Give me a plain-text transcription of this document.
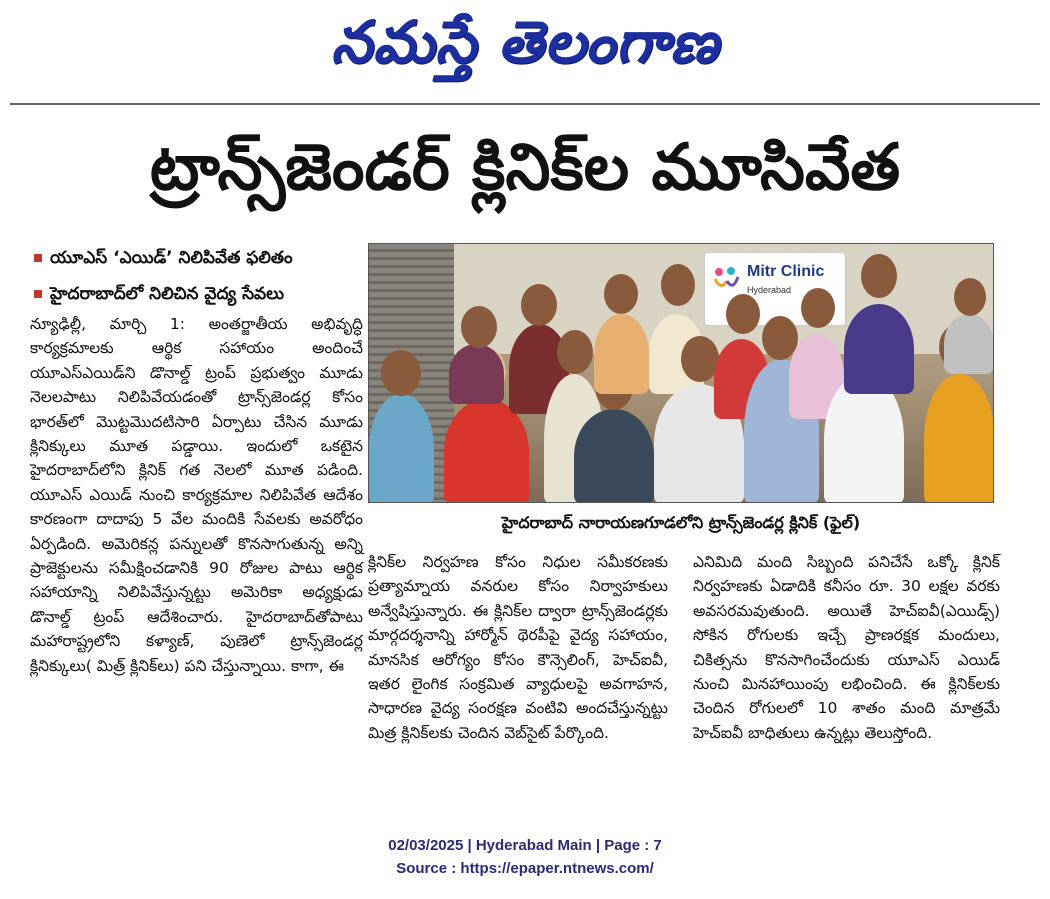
నమస్తే తెలంగాణ
ట్రాన్స్‌జెండర్ క్లినిక్‌ల మూసివేత
యూఎస్ ‘ఎయిడ్’ నిలిపివేత ఫలితం
హైదరాబాద్‌లో నిలిచిన వైద్య సేవలు

న్యూఢిల్లీ, మార్చి 1: అంతర్జాతీయ అభివృద్ధి కార్యక్రమాలకు ఆర్థిక సహాయం అందించే యూఎస్‌ఎయిడ్‌ని డొనాల్డ్ ట్రంప్ ప్రభుత్వం మూడు నెలలపాటు నిలిపివేయడంతో ట్రాన్స్‌జెండర్ల కోసం భారత్‌లో మొట్టమొదటిసారి ఏర్పాటు చేసిన మూడు క్లినిక్కులు మూత పడ్డాయి. ఇందులో ఒకటైన హైదరాబాద్‌లోని క్లినిక్ గత నెలలో మూత పడింది. యూఎస్ ఎయిడ్ నుంచి కార్యక్రమాల నిలిపివేత ఆదేశం కారణంగా దాదాపు 5 వేల మందికి సేవలకు అవరోధం ఏర్పడింది. అమెరికన్ల పన్నులతో కొనసాగుతున్న అన్ని ప్రాజెక్టులను సమీక్షించడానికి 90 రోజుల పాటు ఆర్థిక సహాయాన్ని నిలిపివేస్తున్నట్టు అమెరికా అధ్యక్షుడు డొనాల్డ్ ట్రంప్ ఆదేశించారు. హైదరాబాద్‌తోపాటు మహారాష్ట్రలోని కళ్యాణ్, పుణెలో ట్రాన్స్‌జెండర్ల క్లినిక్కులు( మిత్ర్ క్లినిక్‌లు) పని చేస్తున్నాయి. కాగా, ఈ

Mitr Clinic
Hyderabad
హైదరాబాద్ నారాయణగూడలోని ట్రాన్స్‌జెండర్ల క్లినిక్ (ఫైల్)

క్లినిక్‌ల నిర్వహణ కోసం నిధుల సమీకరణకు ప్రత్యామ్నాయ వనరుల కోసం నిర్వాహకులు అన్వేషిస్తున్నారు. ఈ క్లినిక్‌ల ద్వారా ట్రాన్స్‌జెండర్లకు మార్గదర్శనాన్ని హార్మోన్ థెరపీపై వైద్య సహాయం, మానసిక ఆరోగ్యం కోసం కౌన్సెలింగ్, హెచ్‌ఐవీ, ఇతర లైంగిక సంక్రమిత వ్యాధులపై అవగాహన, సాధారణ వైద్య సంరక్షణ వంటివి అందచేస్తున్నట్టు మిత్ర క్లినిక్‌లకు చెందిన వెబ్‌సైట్ పేర్కొంది.

ఎనిమిది మంది సిబ్బంది పనిచేసే ఒక్కో క్లినిక్ నిర్వహణకు ఏడాదికి కనీసం రూ. 30 లక్షల వరకు అవసరమవుతుంది. అయితే హెచ్‌ఐవీ(ఎయిడ్స్) సోకిన రోగులకు ఇచ్చే ప్రాణరక్షక మందులు, చికిత్సను కొనసాగించేందుకు యూఎస్ ఎయిడ్ నుంచి మినహాయింపు లభించింది. ఈ క్లినిక్‌లకు చెందిన రోగులలో 10 శాతం మంది మాత్రమే హెచ్‌ఐవీ బాధితులు ఉన్నట్లు తెలుస్తోంది.

02/03/2025 | Hyderabad Main | Page : 7
Source : https://epaper.ntnews.com/
